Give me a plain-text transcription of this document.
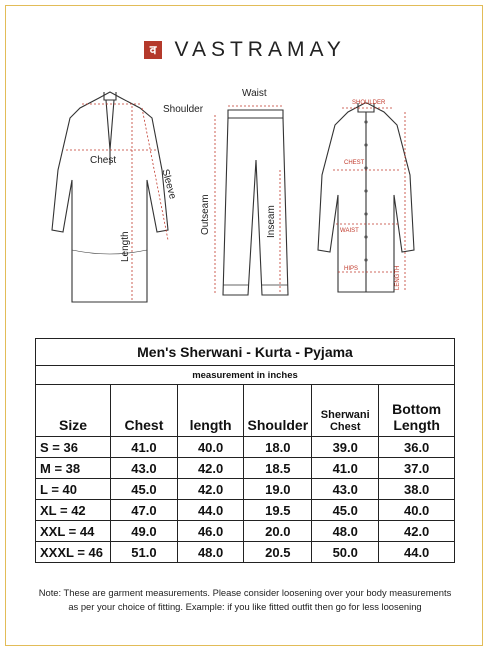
व VASTRAMAY
Shoulder
Chest
Sleeve
Length
Waist
Outseam	Inseam
SHOULDER
CHEST
WAIST
HIPS	LENGTH
Men's Sherwani - Kurta - Pyjama					
measurement in inches					
Size	Chest	length	Shoulder	Sherwani Chest	Bottom Length
S = 36	41.0	40.0	18.0	39.0	36.0
M = 38	43.0	42.0	18.5	41.0	37.0
L = 40	45.0	42.0	19.0	43.0	38.0
XL = 42	47.0	44.0	19.5	45.0	40.0
XXL = 44	49.0	46.0	20.0	48.0	42.0
XXXL = 46	51.0	48.0	20.5	50.0	44.0
Note: These are garment measurements. Please consider loosening over your body measurements
as per your choice of fitting. Example: if you like fitted outfit then go for less loosening
